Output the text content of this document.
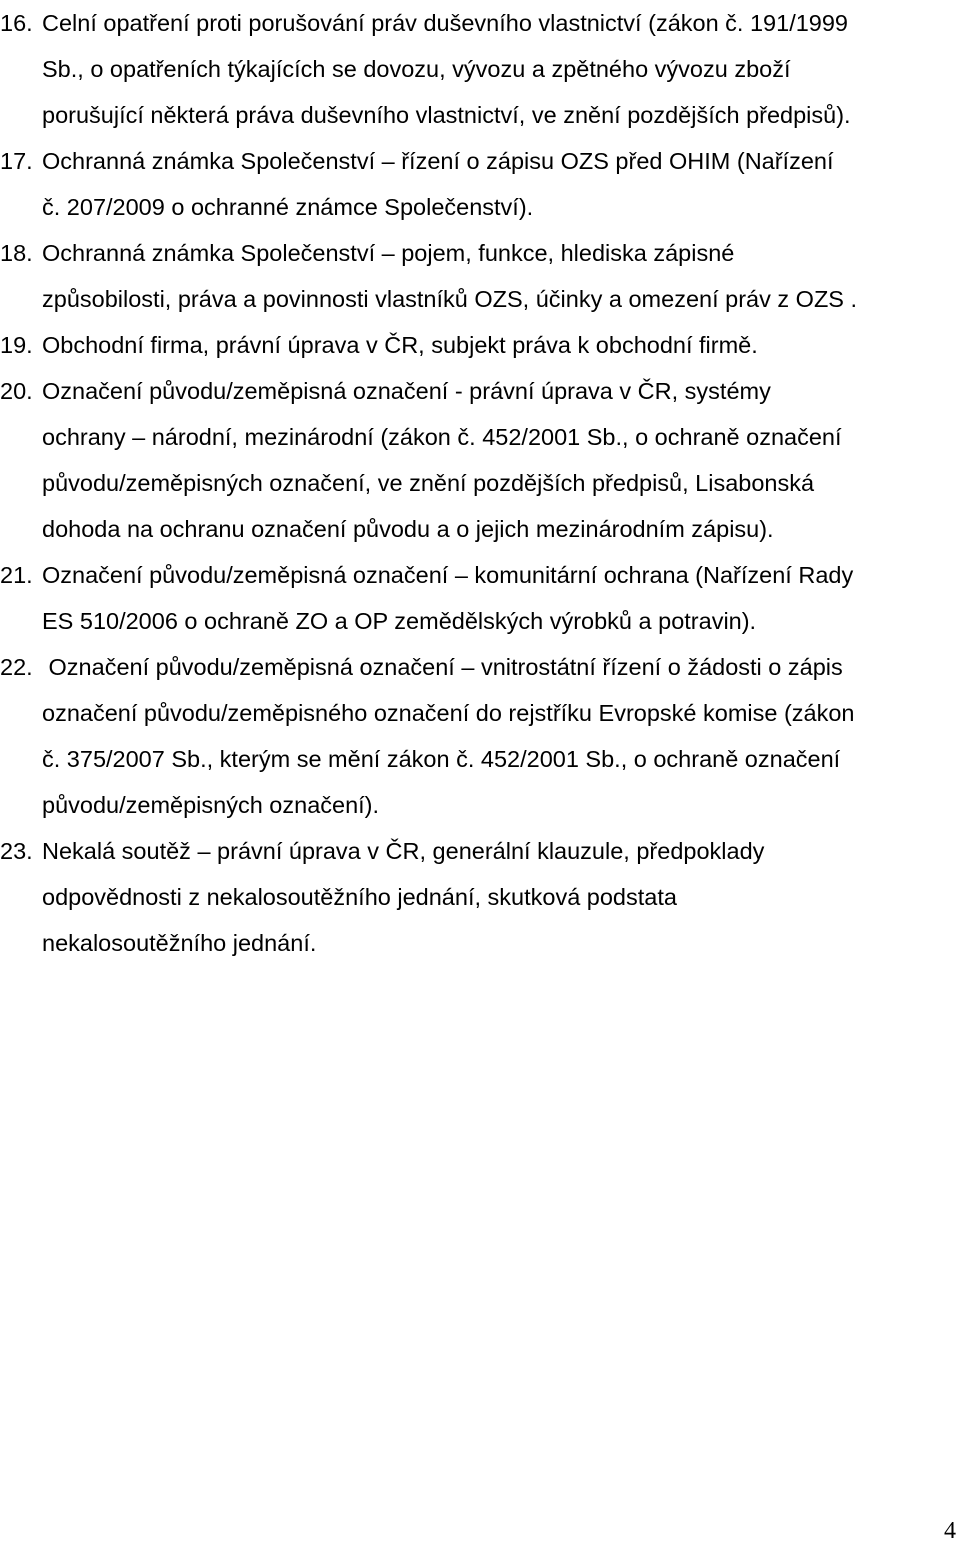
16. Celní opatření proti porušování práv duševního vlastnictví (zákon č. 191/1999
Sb., o opatřeních týkajících se dovozu, vývozu a zpětného vývozu zboží
porušující některá práva duševního vlastnictví, ve znění pozdějších předpisů).
17. Ochranná známka Společenství – řízení o zápisu OZS před OHIM (Nařízení
č. 207/2009 o ochranné známce Společenství).
18. Ochranná známka Společenství – pojem, funkce, hlediska zápisné
způsobilosti, práva a povinnosti vlastníků OZS, účinky a omezení práv z OZS .
19. Obchodní firma, právní úprava v ČR, subjekt práva k obchodní firmě.
20. Označení původu/zeměpisná označení - právní úprava v ČR, systémy
ochrany – národní, mezinárodní (zákon č. 452/2001 Sb., o ochraně označení
původu/zeměpisných označení, ve znění pozdějších předpisů, Lisabonská
dohoda na ochranu označení původu a o jejich mezinárodním zápisu).
21. Označení původu/zeměpisná označení – komunitární ochrana (Nařízení Rady
ES 510/2006 o ochraně ZO a OP zemědělských výrobků a potravin).
22. Označení původu/zeměpisná označení – vnitrostátní řízení o žádosti o zápis
označení původu/zeměpisného označení do rejstříku Evropské komise (zákon
č. 375/2007 Sb., kterým se mění zákon č. 452/2001 Sb., o ochraně označení
původu/zeměpisných označení).
23. Nekalá soutěž – právní úprava v ČR, generální klauzule, předpoklady
odpovědnosti z nekalosoutěžního jednání, skutková podstata
nekalosoutěžního jednání.
4
